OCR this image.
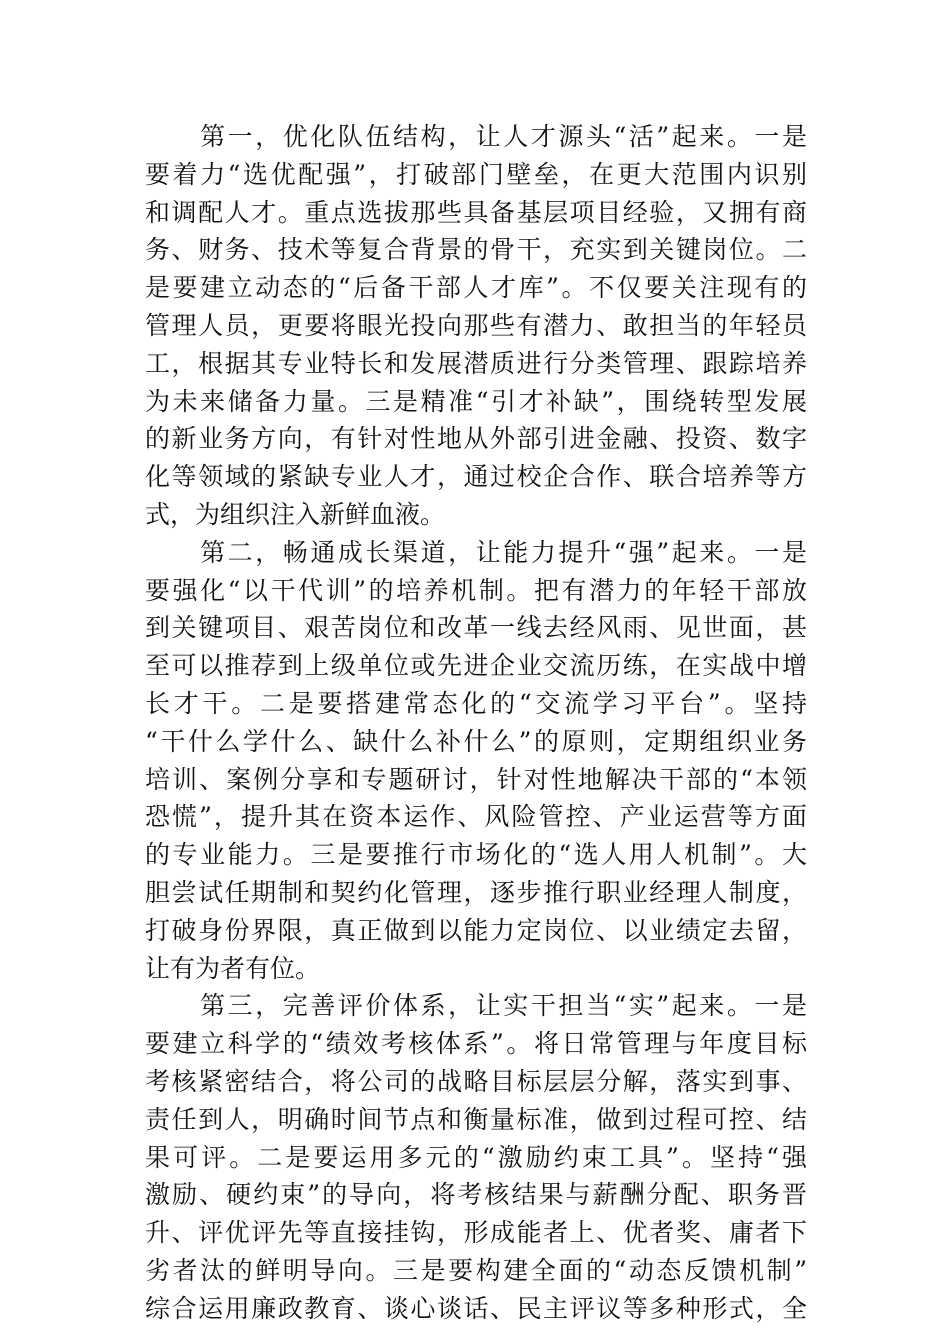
　　第一，优化队伍结构，让人才源头“活”起来。一是
要着力“选优配强”，打破部门壁垒，在更大范围内识别
和调配人才。重点选拔那些具备基层项目经验，又拥有商
务、财务、技术等复合背景的骨干，充实到关键岗位。二
是要建立动态的“后备干部人才库”。不仅要关注现有的
管理人员，更要将眼光投向那些有潜力、敢担当的年轻员
工，根据其专业特长和发展潜质进行分类管理、跟踪培养
为未来储备力量。三是精准“引才补缺”，围绕转型发展
的新业务方向，有针对性地从外部引进金融、投资、数字
化等领域的紧缺专业人才，通过校企合作、联合培养等方
式，为组织注入新鲜血液。
　　第二，畅通成长渠道，让能力提升“强”起来。一是
要强化“以干代训”的培养机制。把有潜力的年轻干部放
到关键项目、艰苦岗位和改革一线去经风雨、见世面，甚
至可以推荐到上级单位或先进企业交流历练，在实战中增
长才干。二是要搭建常态化的“交流学习平台”。坚持
“干什么学什么、缺什么补什么”的原则，定期组织业务
培训、案例分享和专题研讨，针对性地解决干部的“本领
恐慌”，提升其在资本运作、风险管控、产业运营等方面
的专业能力。三是要推行市场化的“选人用人机制”。大
胆尝试任期制和契约化管理，逐步推行职业经理人制度，
打破身份界限，真正做到以能力定岗位、以业绩定去留，
让有为者有位。
　　第三，完善评价体系，让实干担当“实”起来。一是
要建立科学的“绩效考核体系”。将日常管理与年度目标
考核紧密结合，将公司的战略目标层层分解，落实到事、
责任到人，明确时间节点和衡量标准，做到过程可控、结
果可评。二是要运用多元的“激励约束工具”。坚持“强
激励、硬约束”的导向，将考核结果与薪酬分配、职务晋
升、评优评先等直接挂钩，形成能者上、优者奖、庸者下
劣者汰的鲜明导向。三是要构建全面的“动态反馈机制”
综合运用廉政教育、谈心谈话、民主评议等多种形式，全
